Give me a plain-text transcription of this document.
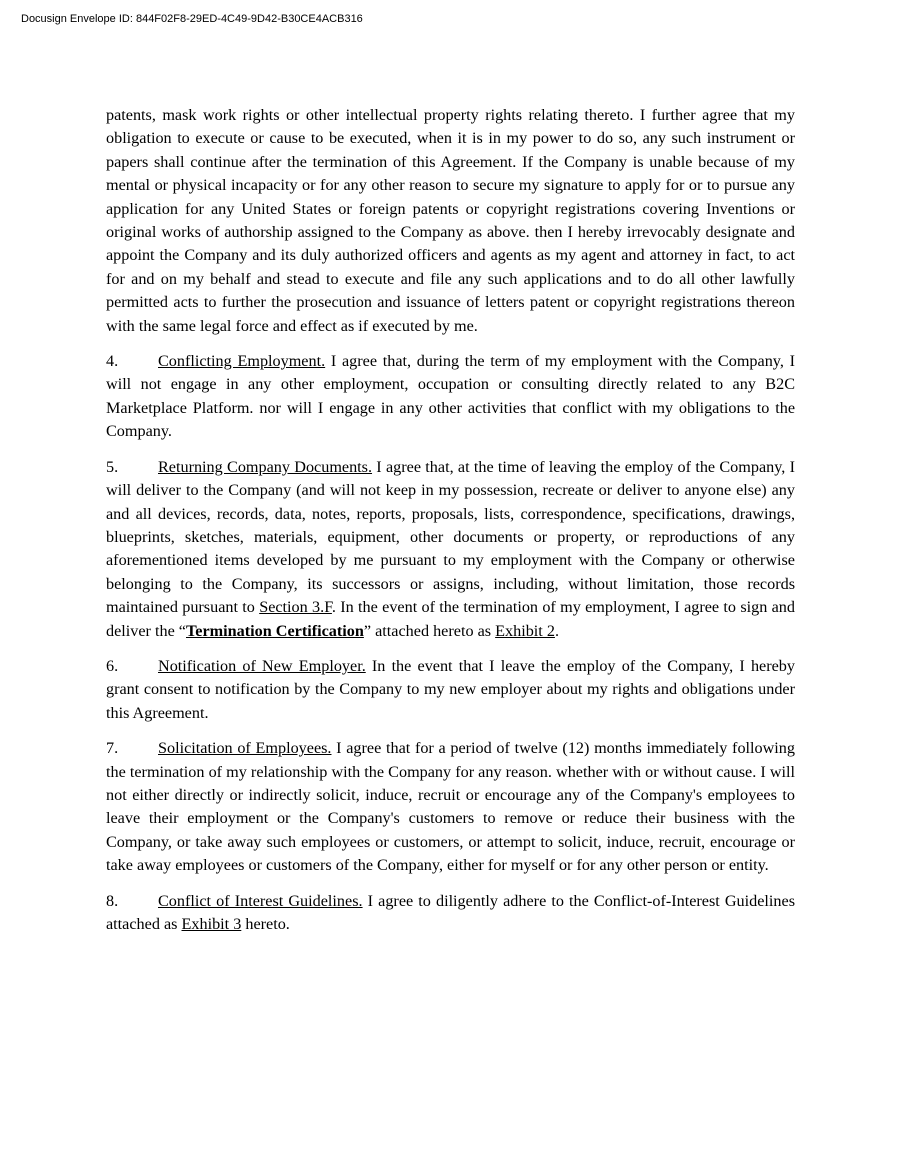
Docusign Envelope ID: 844F02F8-29ED-4C49-9D42-B30CE4ACB316

patents, mask work rights or other intellectual property rights relating thereto. I further agree that my obligation to execute or cause to be executed, when it is in my power to do so, any such instrument or papers shall continue after the termination of this Agreement. If the Company is unable because of my mental or physical incapacity or for any other reason to secure my signature to apply for or to pursue any application for any United States or foreign patents or copyright registrations covering Inventions or original works of authorship assigned to the Company as above. then I hereby irrevocably designate and appoint the Company and its duly authorized officers and agents as my agent and attorney in fact, to act for and on my behalf and stead to execute and file any such applications and to do all other lawfully permitted acts to further the prosecution and issuance of letters patent or copyright registrations thereon with the same legal force and effect as if executed by me.

4. Conflicting Employment. I agree that, during the term of my employment with the Company, I will not engage in any other employment, occupation or consulting directly related to any B2C Marketplace Platform. nor will I engage in any other activities that conflict with my obligations to the Company.

5. Returning Company Documents. I agree that, at the time of leaving the employ of the Company, I will deliver to the Company (and will not keep in my possession, recreate or deliver to anyone else) any and all devices, records, data, notes, reports, proposals, lists, correspondence, specifications, drawings, blueprints, sketches, materials, equipment, other documents or property, or reproductions of any aforementioned items developed by me pursuant to my employment with the Company or otherwise belonging to the Company, its successors or assigns, including, without limitation, those records maintained pursuant to Section 3.F. In the event of the termination of my employment, I agree to sign and deliver the “Termination Certification” attached hereto as Exhibit 2.

6. Notification of New Employer. In the event that I leave the employ of the Company, I hereby grant consent to notification by the Company to my new employer about my rights and obligations under this Agreement.

7. Solicitation of Employees. I agree that for a period of twelve (12) months immediately following the termination of my relationship with the Company for any reason. whether with or without cause. I will not either directly or indirectly solicit, induce, recruit or encourage any of the Company's employees to leave their employment or the Company's customers to remove or reduce their business with the Company, or take away such employees or customers, or attempt to solicit, induce, recruit, encourage or take away employees or customers of the Company, either for myself or for any other person or entity.

8. Conflict of Interest Guidelines. I agree to diligently adhere to the Conflict-of-Interest Guidelines attached as Exhibit 3 hereto.
